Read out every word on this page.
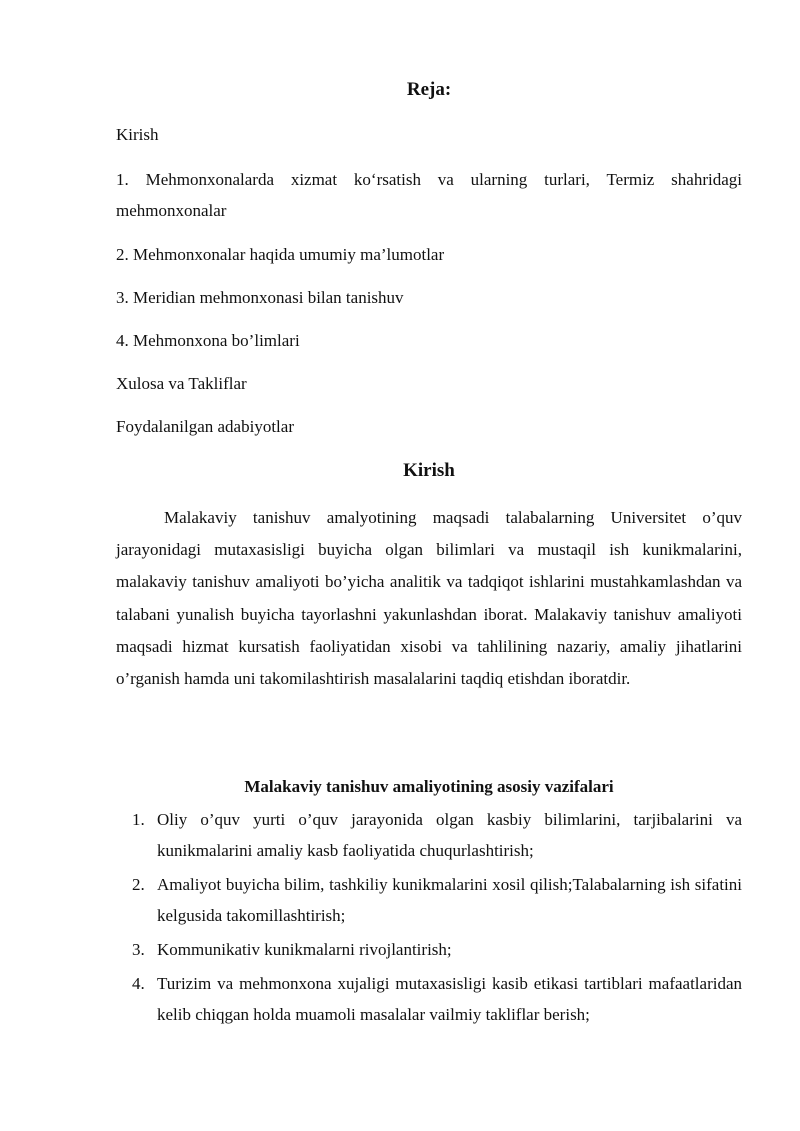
Reja:
Kirish
1. Mehmonxonalarda xizmat ko‘rsatish va ularning turlari, Termiz shahridagi mehmonxonalar
2. Mehmonxonalar haqida umumiy ma’lumotlar
3. Meridian mehmonxonasi bilan tanishuv
4. Mehmonxona bo’limlari
Xulosa va Takliflar
Foydalanilgan adabiyotlar
Kirish
Malakaviy tanishuv amalyotining maqsadi talabalarning Universitet o’quv jarayonidagi mutaxasisligi buyicha olgan bilimlari va mustaqil ish kunikmalarini, malakaviy tanishuv amaliyoti bo’yicha analitik va tadqiqot ishlarini mustahkamlashdan va talabani yunalish buyicha tayorlashni yakunlashdan iborat. Malakaviy tanishuv amaliyoti maqsadi hizmat kursatish faoliyatidan xisobi va tahlilining nazariy, amaliy jihatlarini o’rganish hamda uni takomilashtirish masalalarini taqdiq etishdan iboratdir.
Malakaviy tanishuv amaliyotining asosiy vazifalari
1. Oliy o’quv yurti o’quv jarayonida olgan kasbiy bilimlarini, tarjibalarini va kunikmalarini amaliy kasb faoliyatida chuqurlashtirish;
2. Amaliyot buyicha bilim, tashkiliy kunikmalarini xosil qilish;Talabalarning ish sifatini kelgusida takomillashtirish;
3. Kommunikativ kunikmalarni rivojlantirish;
4. Turizim va mehmonxona xujaligi mutaxasisligi kasib etikasi tartiblari mafaatlaridan kelib chiqgan holda muamoli masalalar vailmiy takliflar berish;
